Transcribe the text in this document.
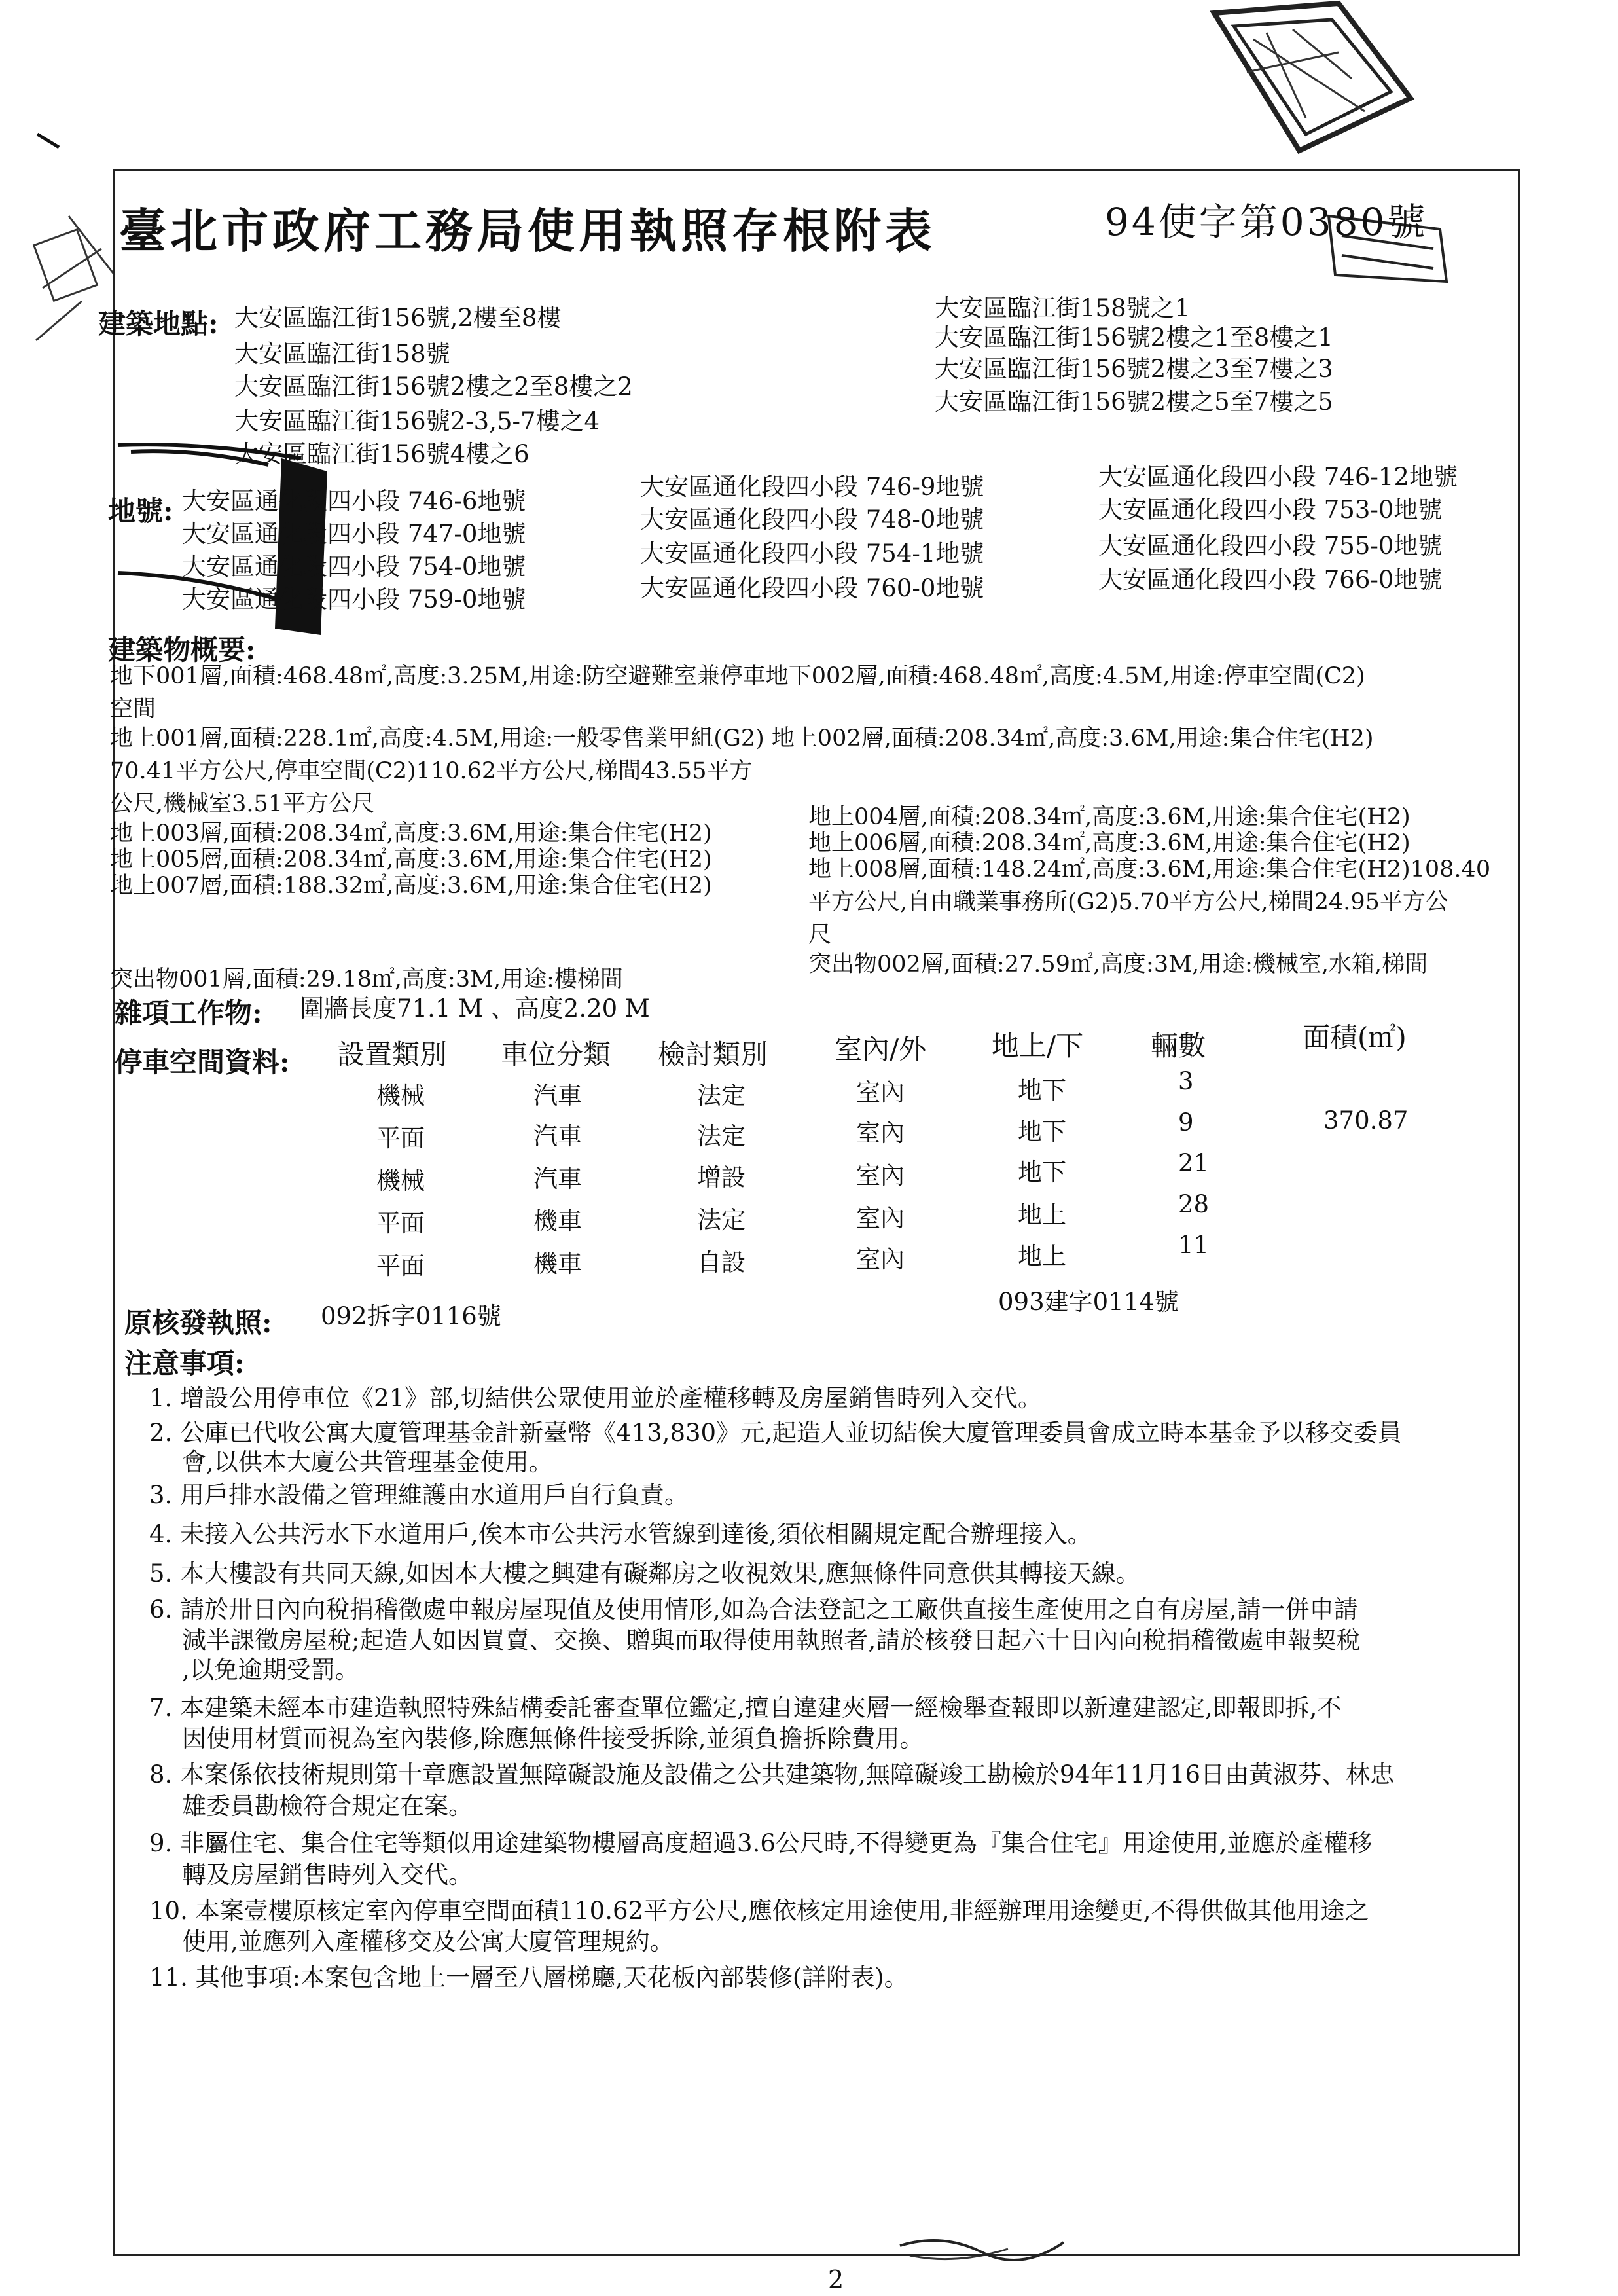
臺北市政府工務局使用執照存根附表	94使字第0380號
建築地點: 大安區臨江街156號,2樓至8樓
大安區臨江街158號
大安區臨江街156號2樓之2至8樓之2
大安區臨江街156號2-3,5-7樓之4
大安區臨江街156號4樓之6
大安區臨江街158號之1
大安區臨江街156號2樓之1至8樓之1
大安區臨江街156號2樓之3至7樓之3
大安區臨江街156號2樓之5至7樓之5
地號: 大安區通化段四小段 746-6地號
大安區通化段四小段 747-0地號
大安區通化段四小段 754-0地號
大安區通化段四小段 759-0地號
大安區通化段四小段 746-9地號
大安區通化段四小段 748-0地號
大安區通化段四小段 754-1地號
大安區通化段四小段 760-0地號
大安區通化段四小段 746-12地號
大安區通化段四小段 753-0地號
大安區通化段四小段 755-0地號
大安區通化段四小段 766-0地號
建築物概要:
地下001層,面積:468.48㎡,高度:3.25M,用途:防空避難室兼停車地下002層,面積:468.48㎡,高度:4.5M,用途:停車空間(C2)
空間
地上001層,面積:228.1㎡,高度:4.5M,用途:一般零售業甲組(G2) 地上002層,面積:208.34㎡,高度:3.6M,用途:集合住宅(H2)
70.41平方公尺,停車空間(C2)110.62平方公尺,梯間43.55平方
公尺,機械室3.51平方公尺
地上003層,面積:208.34㎡,高度:3.6M,用途:集合住宅(H2)
地上005層,面積:208.34㎡,高度:3.6M,用途:集合住宅(H2)
地上007層,面積:188.32㎡,高度:3.6M,用途:集合住宅(H2)
地上004層,面積:208.34㎡,高度:3.6M,用途:集合住宅(H2)
地上006層,面積:208.34㎡,高度:3.6M,用途:集合住宅(H2)
地上008層,面積:148.24㎡,高度:3.6M,用途:集合住宅(H2)108.40
平方公尺,自由職業事務所(G2)5.70平方公尺,梯間24.95平方公
尺
突出物001層,面積:29.18㎡,高度:3M,用途:樓梯間
突出物002層,面積:27.59㎡,高度:3M,用途:機械室,水箱,梯間
雜項工作物: 圍牆長度71.1 M 、高度2.20 M
停車空間資料: 設置類別 車位分類 檢討類別 室內/外 地上/下 輛數	面積(㎡)
機械	汽車	法定	室內	地下	3
平面	汽車	法定	室內	地下	9	370.87
機械	汽車	增設	室內	地下	21
平面	機車	法定	室內	地上	28
平面	機車	自設	室內	地上	11
原核發執照: 092拆字0116號
093建字0114號
注意事項:
1. 增設公用停車位《21》部,切結供公眾使用並於產權移轉及房屋銷售時列入交代。
2. 公庫已代收公寓大廈管理基金計新臺幣《413,830》元,起造人並切結俟大廈管理委員會成立時本基金予以移交委員
會,以供本大廈公共管理基金使用。
3. 用戶排水設備之管理維護由水道用戶自行負責。
4. 未接入公共污水下水道用戶,俟本市公共污水管線到達後,須依相關規定配合辦理接入。
5. 本大樓設有共同天線,如因本大樓之興建有礙鄰房之收視效果,應無條件同意供其轉接天線。
6. 請於卅日內向稅捐稽徵處申報房屋現值及使用情形,如為合法登記之工廠供直接生產使用之自有房屋,請一併申請
減半課徵房屋稅;起造人如因買賣、交換、贈與而取得使用執照者,請於核發日起六十日內向稅捐稽徵處申報契稅
,以免逾期受罰。
7. 本建築未經本市建造執照特殊結構委託審查單位鑑定,擅自違建夾層一經檢舉查報即以新違建認定,即報即拆,不
因使用材質而視為室內裝修,除應無條件接受拆除,並須負擔拆除費用。
8. 本案係依技術規則第十章應設置無障礙設施及設備之公共建築物,無障礙竣工勘檢於94年11月16日由黃淑芬、林忠
雄委員勘檢符合規定在案。
9. 非屬住宅、集合住宅等類似用途建築物樓層高度超過3.6公尺時,不得變更為『集合住宅』用途使用,並應於產權移
轉及房屋銷售時列入交代。
10. 本案壹樓原核定室內停車空間面積110.62平方公尺,應依核定用途使用,非經辦理用途變更,不得供做其他用途之
使用,並應列入產權移交及公寓大廈管理規約。
11. 其他事項:本案包含地上一層至八層梯廳,天花板內部裝修(詳附表)。
2
